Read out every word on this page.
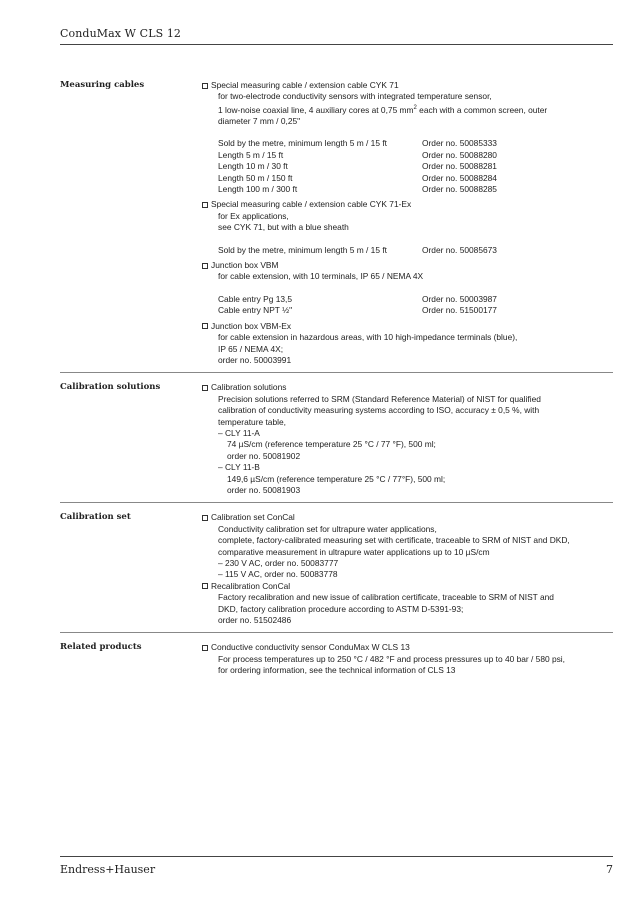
ConduMax W CLS 12
Measuring cables	Special measuring cable / extension cable CYK 71
for two-electrode conductivity sensors with integrated temperature sensor,
1 low-noise coaxial line, 4 auxiliary cores at 0,75 $mm^2$ each with a common screen, outer
diameter 7 mm / 0,25"
Sold by the metre, minimum length 5 m / 15 ft	Order no. 50085333
Length 5 m / 15 ft	Order no. 50088280
Length 10 m / 30 ft	Order no. 50088281
Length 50 m / 150 ft	Order no. 50088284
Length 100 m / 300 ft	Order no. 50088285
Special measuring cable / extension cable CYK 71-Ex
for Ex applications,
see CYK 71, but with a blue sheath
Sold by the metre, minimum length 5 m / 15 ft	Order no. 50085673
Junction box VBM
for cable extension, with 10 terminals, IP 65 / NEMA 4X
Cable entry Pg 13,5	Order no. 50003987
Cable entry NPT ½"	Order no. 51500177
Junction box VBM-Ex
for cable extension in hazardous areas, with 10 high-impedance terminals (blue),
IP 65 / NEMA 4X;
order no. 50003991
Calibration solutions	Calibration solutions
Precision solutions referred to SRM (Standard Reference Material) of NIST for qualified
calibration of conductivity measuring systems according to ISO, accuracy ± 0,5 %, with
temperature table,
– CLY 11-A
74 µS/cm (reference temperature 25 °C / 77 °F), 500 ml;
order no. 50081902
– CLY 11-B
149,6 µS/cm (reference temperature 25 °C / 77°F), 500 ml;
order no. 50081903
Calibration set	Calibration set ConCal
Conductivity calibration set for ultrapure water applications,
complete, factory-calibrated measuring set with certificate, traceable to SRM of NIST and DKD,
comparative measurement in ultrapure water applications up to 10 µS/cm
– 230 V AC, order no. 50083777
– 115 V AC, order no. 50083778
Recalibration ConCal
Factory recalibration and new issue of calibration certificate, traceable to SRM of NIST and
DKD, factory calibration procedure according to ASTM D-5391-93;
order no. 51502486
Related products	Conductive conductivity sensor ConduMax W CLS 13
For process temperatures up to 250 °C / 482 °F and process pressures up to 40 bar / 580 psi,
for ordering information, see the technical information of CLS 13
Endress+Hauser	7
